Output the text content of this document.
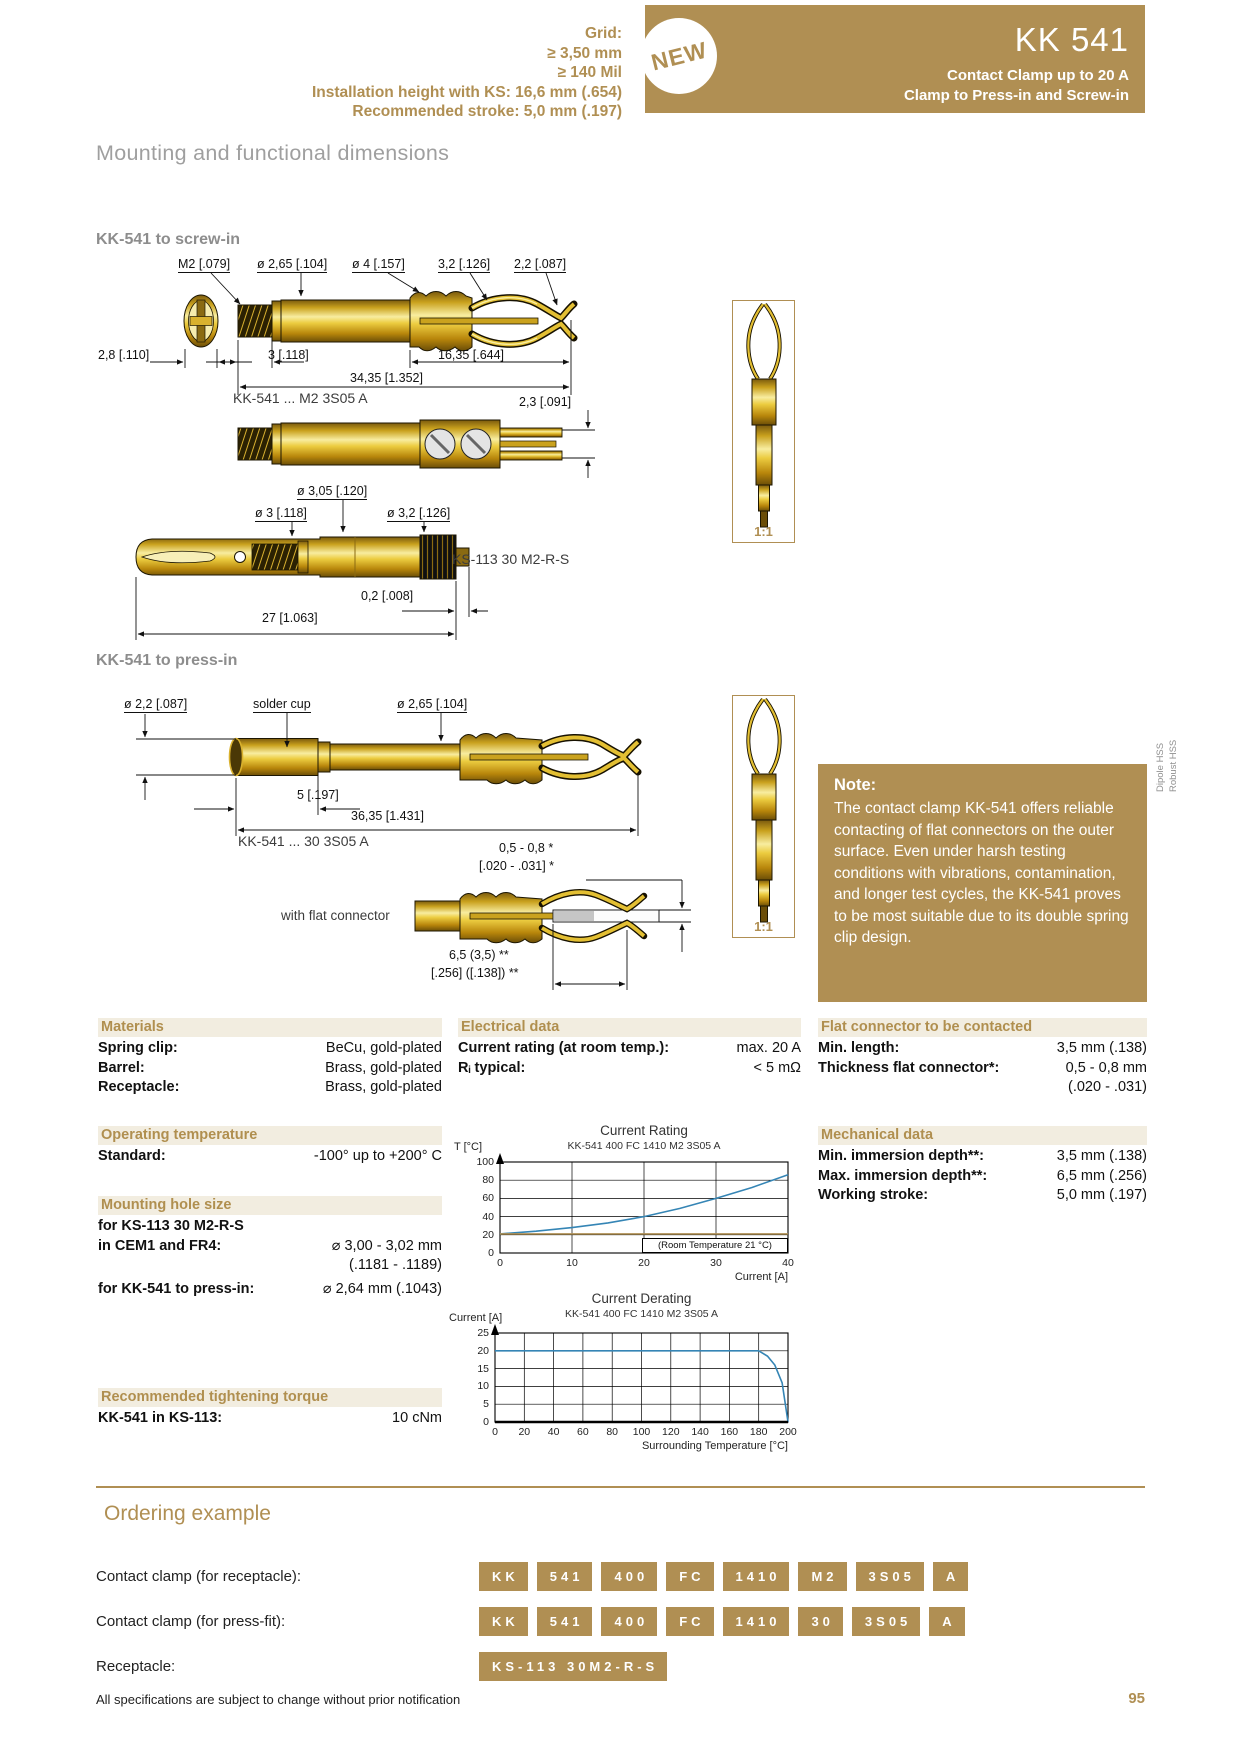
Grid:
≥ 3,50 mm
≥ 140 Mil
Installation height with KS: 16,6 mm (.654)
Recommended stroke: 5,0 mm (.197)
KK 541
Contact Clamp up to 20 A
Clamp to Press-in and Screw-in
NEW
Mounting and functional dimensions
KK-541 to screw-in
KK-541 to press-in
M2 [.079] ø 2,65 [.104] ø 4 [.157]	3,2 [.126] 2,2 [.087]
2,8 [.110]	3 [.118]	16,35 [.644]
34,35 [1.352]
KK-541 ... M2 3S05 A	2,3 [.091]
ø 3,05 [.120]
ø 3 [.118]	ø 3,2 [.126]
KS-113 30 M2-R-S
0,2 [.008]
27 [1.063]
1:1
1:1
ø 2,2 [.087]	solder cup	ø 2,65 [.104]
5 [.197]
36,35 [1.431]
KK-541 ... 30 3S05 A	0,5 - 0,8 *
[.020 - .031] *
with flat connector
6,5 (3,5) **
[.256] ([.138]) **
Note:
The contact clamp KK-541 offers reliable contacting of flat connectors on the outer surface. Even under harsh testing conditions with vibrations, contamination, and longer test cycles, the KK-541 proves to be most suitable due to its double spring clip design.
Dipole HSS Robust HSS
Materials
Spring clip:	BeCu, gold-plated
Barrel:	Brass, gold-plated
Receptacle:	Brass, gold-plated
Electrical data
Current rating (at room temp.):	max. 20 A
Rᵢ typical:	< 5 mΩ
Flat connector to be contacted
Min. length:	3,5 mm (.138)
Thickness flat connector*:	0,5 - 0,8 mm
(.020 - .031)
Operating temperature
Standard:	-100° up to +200° C
Mechanical data
Min. immersion depth**:	3,5 mm (.138)
Max. immersion depth**:	6,5 mm (.256)
Working stroke:	5,0 mm (.197)
Mounting hole size
for KS-113 30 M2-R-S
in CEM1 and FR4:	⌀ 3,00 - 3,02 mm
(.1181 - .1189)
for KK-541 to press-in:	⌀ 2,64 mm (.1043)
Recommended tightening torque
KK-541 in KS-113:	10 cNm
0	10	20	30	40
0
20
40
60
80
100
Current Rating
KK-541 400 FC 1410 M2 3S05 A
T [°C]
Current [A]
(Room Temperature 21 °C)
0	20	40	60	80	100	120	140	160	180	200
0
5
10
15
20
25
Current Derating
KK-541 400 FC 1410 M2 3S05 A
Current [A]
Surrounding Temperature [°C]
Ordering example
Contact clamp (for receptacle):	KK	541	400	FC	1410	M2	3S05	A
Contact clamp (for press-fit):	KK	541	400	FC	1410	30	3S05	A
Receptacle:	KS-113 30M2-R-S
All specifications are subject to change without prior notification	95
